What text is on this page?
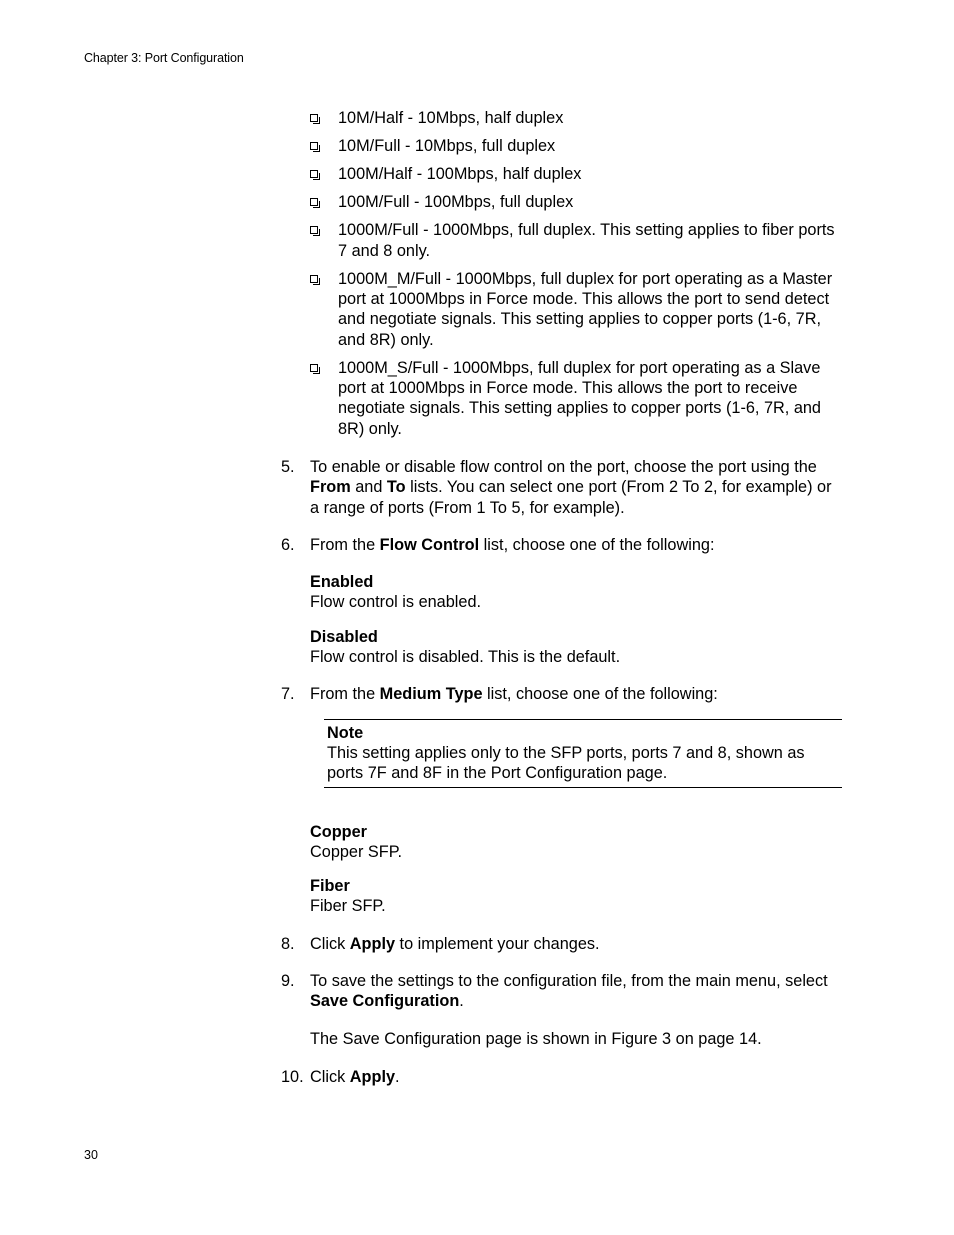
Chapter 3: Port Configuration
10M/Half - 10Mbps, half duplex
10M/Full - 10Mbps, full duplex
100M/Half - 100Mbps, half duplex
100M/Full - 100Mbps, full duplex
1000M/Full - 1000Mbps, full duplex. This setting applies to fiber ports 7 and 8 only.
1000M_M/Full - 1000Mbps, full duplex for port operating as a Master port at 1000Mbps in Force mode. This allows the port to send detect and negotiate signals. This setting applies to copper ports (1-6, 7R, and 8R) only.
1000M_S/Full - 1000Mbps, full duplex for port operating as a Slave port at 1000Mbps in Force mode. This allows the port to receive negotiate signals. This setting applies to copper ports (1-6, 7R, and 8R) only.
5. To enable or disable flow control on the port, choose the port using the From and To lists. You can select one port (From 2 To 2, for example) or a range of ports (From 1 To 5, for example).

6. From the Flow Control list, choose one of the following:

Enabled
Flow control is enabled.
Disabled
Flow control is disabled. This is the default.
7. From the Medium Type list, choose one of the following:

Note
This setting applies only to the SFP ports, ports 7 and 8, shown as ports 7F and 8F in the Port Configuration page.
Copper
Copper SFP.
Fiber
Fiber SFP.
8. Click Apply to implement your changes.

9. To save the settings to the configuration file, from the main menu, select Save Configuration.

The Save Configuration page is shown in Figure 3 on page 14.
10. Click Apply.

30
